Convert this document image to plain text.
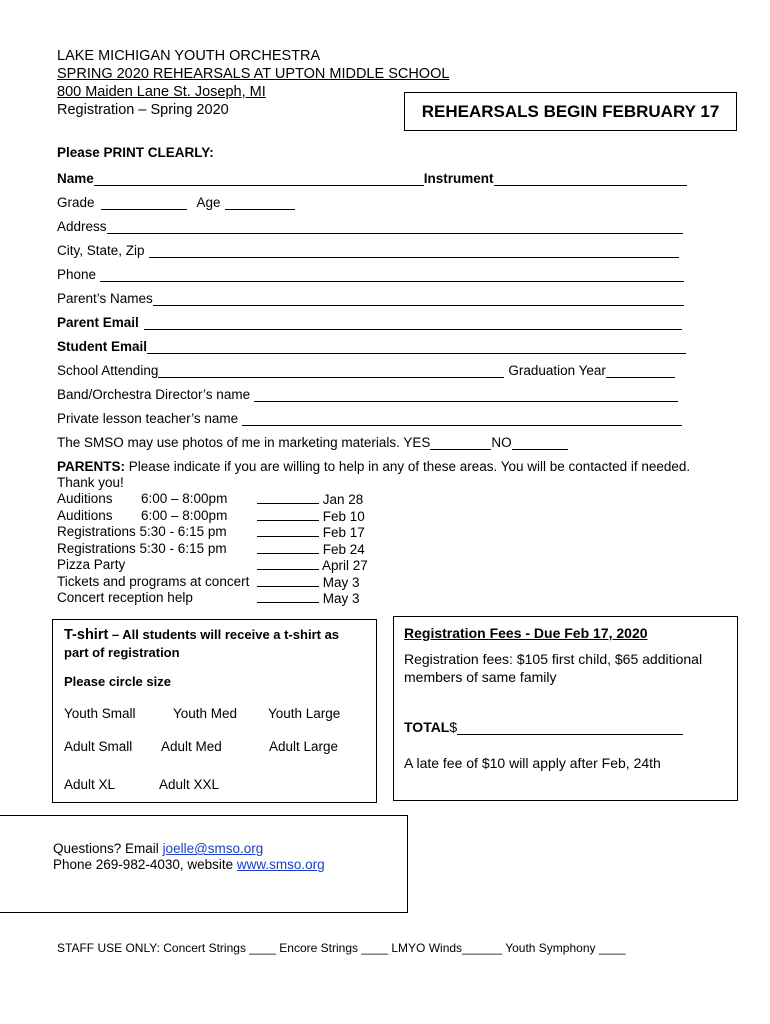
LAKE MICHIGAN YOUTH ORCHESTRA
SPRING 2020 REHEARSALS AT UPTON MIDDLE SCHOOL
800 Maiden Lane St. Joseph, MI
Registration – Spring 2020	REHEARSALS BEGIN FEBRUARY 17
Please PRINT CLEARLY:
Name	Instrument
Grade	Age
Address
City, State, Zip
Phone
Parent’s Names
Parent Email
Student Email
School Attending	Graduation Year
Band/Orchestra Director’s name
Private lesson teacher’s name
The SMSO may use photos of me in marketing materials. YES	NO
PARENTS: Please indicate if you are willing to help in any of these areas. You will be contacted if needed.
Thank you!
Auditions 6:00 – 8:00pm	Jan 28
Auditions 6:00 – 8:00pm	Feb 10
Registrations 5:30 - 6:15 pm	Feb 17
Registrations 5:30 - 6:15 pm	Feb 24
Pizza Party	April 27
Tickets and programs at concert	May 3
Concert reception help	May 3
T-shirt – All students will receive a t-shirt as part of registration
Please circle size
Youth Small	Youth Med Youth Large
Adult Small Adult Med	Adult Large
Adult XL	Adult XXL
Registration Fees - Due Feb 17, 2020
Registration fees: $105 first child, $65 additional members of same family
TOTAL $
A late fee of $10 will apply after Feb, 24th
Questions? Email joelle@smso.org
Phone 269-982-4030, website www.smso.org
STAFF USE ONLY: Concert Strings ____ Encore Strings ____ LMYO Winds______ Youth Symphony ____
